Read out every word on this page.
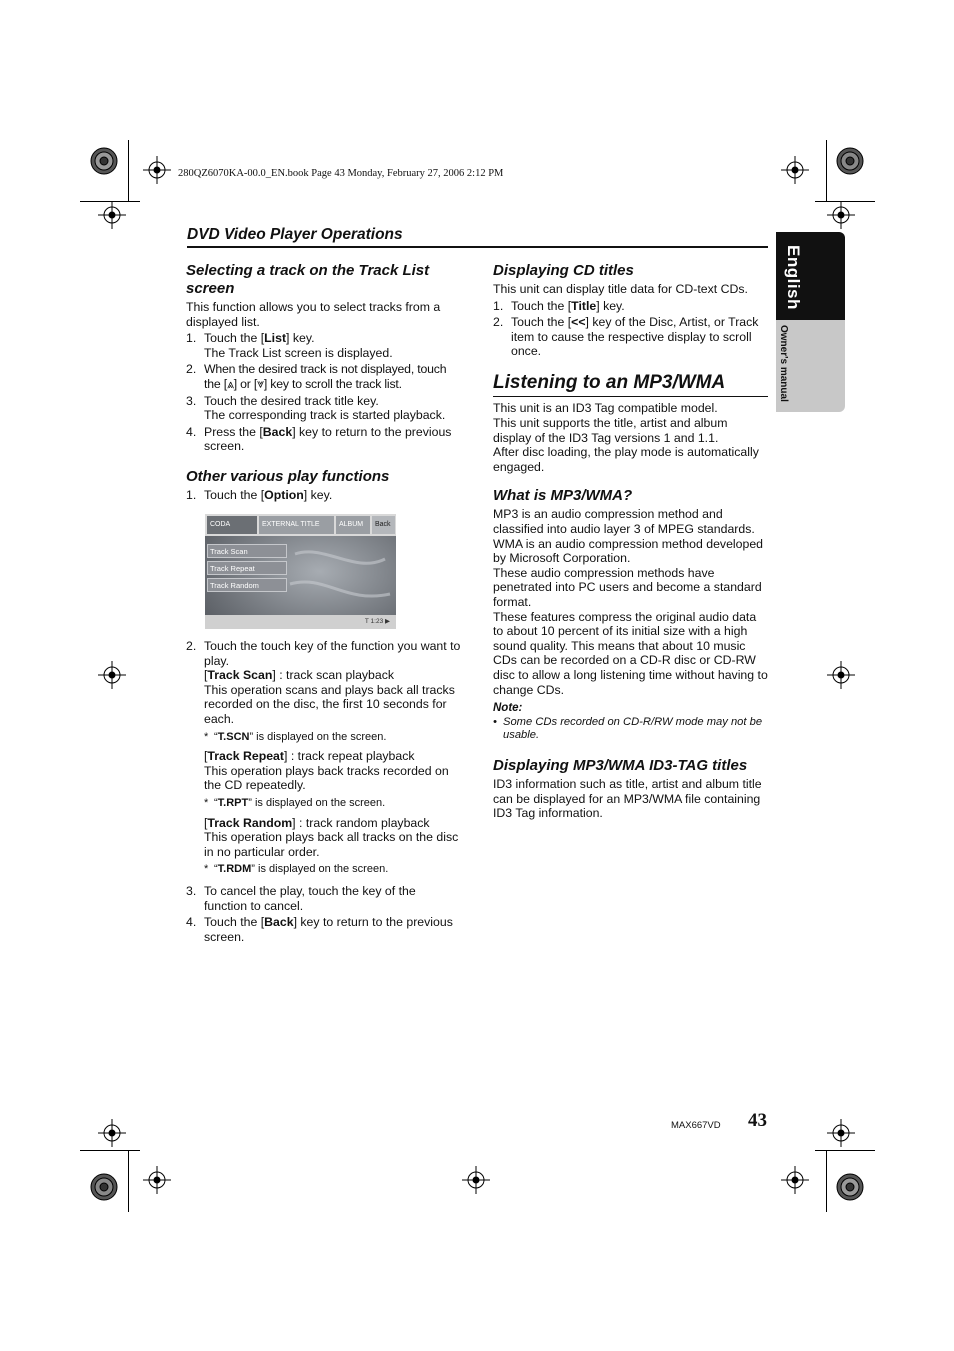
280QZ6070KA-00.0_EN.book Page 43 Monday, February 27, 2006 2:12 PM
DVD Video Player Operations
English
Owner's manual
Selecting a track on the Track List screen

This function allows you to select tracks from a displayed list.

1. Touch the [List] key.
The Track List screen is displayed.
2. When the desired track is not displayed, touch the [⩓] or [⩔] key to scroll the track list.
3. Touch the desired track title key.
The corresponding track is started playback.
4. Press the [Back] key to return to the previous screen.
Other various play functions
1. Touch the [Option] key.
CODA	EXTERNAL TITLE	ALBUM	Back
Track Scan
Track Repeat
Track Random
T 1:23 ▶
2. Touch the touch key of the function you want to play.
[Track Scan] : track scan playback
This operation scans and plays back all tracks recorded on the disc, the first 10 seconds for each.
* “T.SCN” is displayed on the screen.
[Track Repeat] : track repeat playback
This operation plays back tracks recorded on the CD repeatedly.
* “T.RPT” is displayed on the screen.
[Track Random] : track random playback
This operation plays back all tracks on the disc in no particular order.
* “T.RDM” is displayed on the screen.
3. To cancel the play, touch the key of the function to cancel.
4. Touch the [Back] key to return to the previous screen.
Displaying CD titles

This unit can display title data for CD-text CDs.

1. Touch the [Title] key.
2. Touch the [<<] key of the Disc, Artist, or Track item to cause the respective display to scroll once.
Listening to an MP3/WMA

This unit is an ID3 Tag compatible model.

This unit supports the title, artist and album display of the ID3 Tag versions 1 and 1.1.

After disc loading, the play mode is automatically engaged.

What is MP3/WMA?

MP3 is an audio compression method and classified into audio layer 3 of MPEG standards.

WMA is an audio compression method developed by Microsoft Corporation.

These audio compression methods have penetrated into PC users and become a standard format.

These features compress the original audio data to about 10 percent of its initial size with a high sound quality. This means that about 10 music CDs can be recorded on a CD-R disc or CD-RW disc to allow a long listening time without having to change CDs.

Note:
• Some CDs recorded on CD-R/RW mode may not be usable.
Displaying MP3/WMA ID3-TAG titles

ID3 information such as title, artist and album title can be displayed for an MP3/WMA file containing ID3 Tag information.

MAX667VD 43
